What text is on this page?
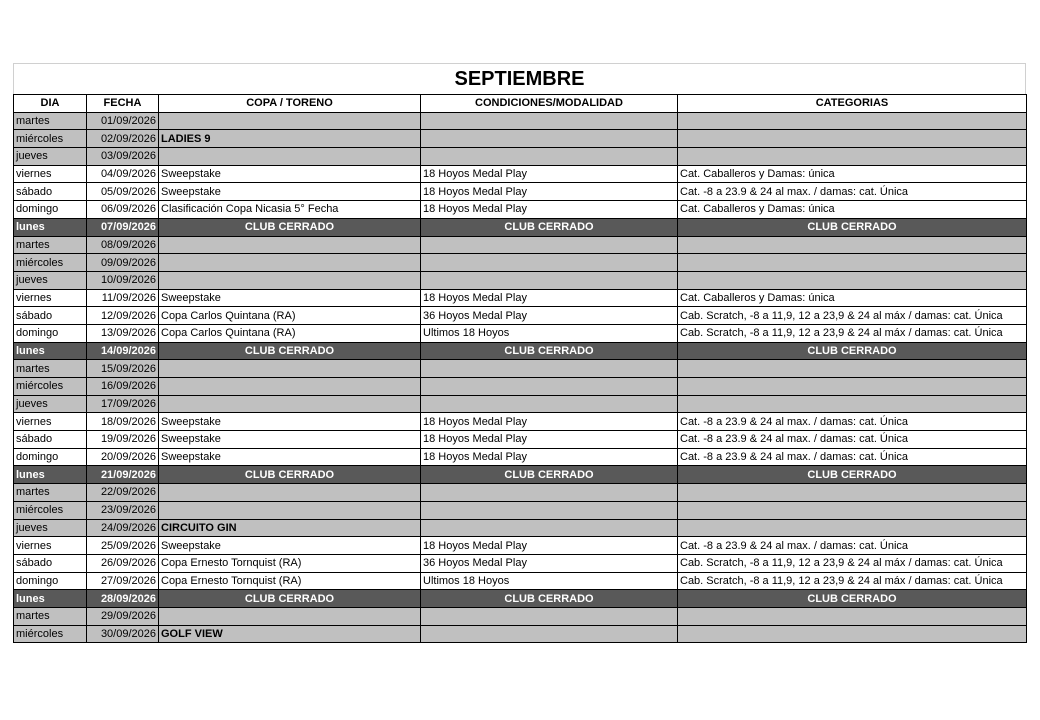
SEPTIEMBRE
DIA	FECHA	COPA / TORENO	CONDICIONES/MODALIDAD	CATEGORIAS
martes	01/09/2026			
miércoles	02/09/2026	LADIES 9		
jueves	03/09/2026			
viernes	04/09/2026	Sweepstake	18 Hoyos Medal Play	Cat. Caballeros y Damas: única
sábado	05/09/2026	Sweepstake	18 Hoyos Medal Play	Cat. -8 a 23.9 & 24 al max. / damas: cat. Única
domingo	06/09/2026	Clasificación Copa Nicasia 5° Fecha	18 Hoyos Medal Play	Cat. Caballeros y Damas: única
lunes	07/09/2026	CLUB CERRADO	CLUB CERRADO	CLUB CERRADO
martes	08/09/2026			
miércoles	09/09/2026			
jueves	10/09/2026			
viernes	11/09/2026	Sweepstake	18 Hoyos Medal Play	Cat. Caballeros y Damas: única
sábado	12/09/2026	Copa Carlos Quintana (RA)	36 Hoyos Medal Play	Cab. Scratch, -8 a 11,9, 12 a 23,9 & 24 al máx / damas: cat. Única
domingo	13/09/2026	Copa Carlos Quintana (RA)	Ultimos 18 Hoyos	Cab. Scratch, -8 a 11,9, 12 a 23,9 & 24 al máx / damas: cat. Única
lunes	14/09/2026	CLUB CERRADO	CLUB CERRADO	CLUB CERRADO
martes	15/09/2026			
miércoles	16/09/2026			
jueves	17/09/2026			
viernes	18/09/2026	Sweepstake	18 Hoyos Medal Play	Cat. -8 a 23.9 & 24 al max. / damas: cat. Única
sábado	19/09/2026	Sweepstake	18 Hoyos Medal Play	Cat. -8 a 23.9 & 24 al max. / damas: cat. Única
domingo	20/09/2026	Sweepstake	18 Hoyos Medal Play	Cat. -8 a 23.9 & 24 al max. / damas: cat. Única
lunes	21/09/2026	CLUB CERRADO	CLUB CERRADO	CLUB CERRADO
martes	22/09/2026			
miércoles	23/09/2026			
jueves	24/09/2026	CIRCUITO GIN		
viernes	25/09/2026	Sweepstake	18 Hoyos Medal Play	Cat. -8 a 23.9 & 24 al max. / damas: cat. Única
sábado	26/09/2026	Copa Ernesto Tornquist (RA)	36 Hoyos Medal Play	Cab. Scratch, -8 a 11,9, 12 a 23,9 & 24 al máx / damas: cat. Única
domingo	27/09/2026	Copa Ernesto Tornquist (RA)	Ultimos 18 Hoyos	Cab. Scratch, -8 a 11,9, 12 a 23,9 & 24 al máx / damas: cat. Única
lunes	28/09/2026	CLUB CERRADO	CLUB CERRADO	CLUB CERRADO
martes	29/09/2026			
miércoles	30/09/2026	GOLF VIEW		
